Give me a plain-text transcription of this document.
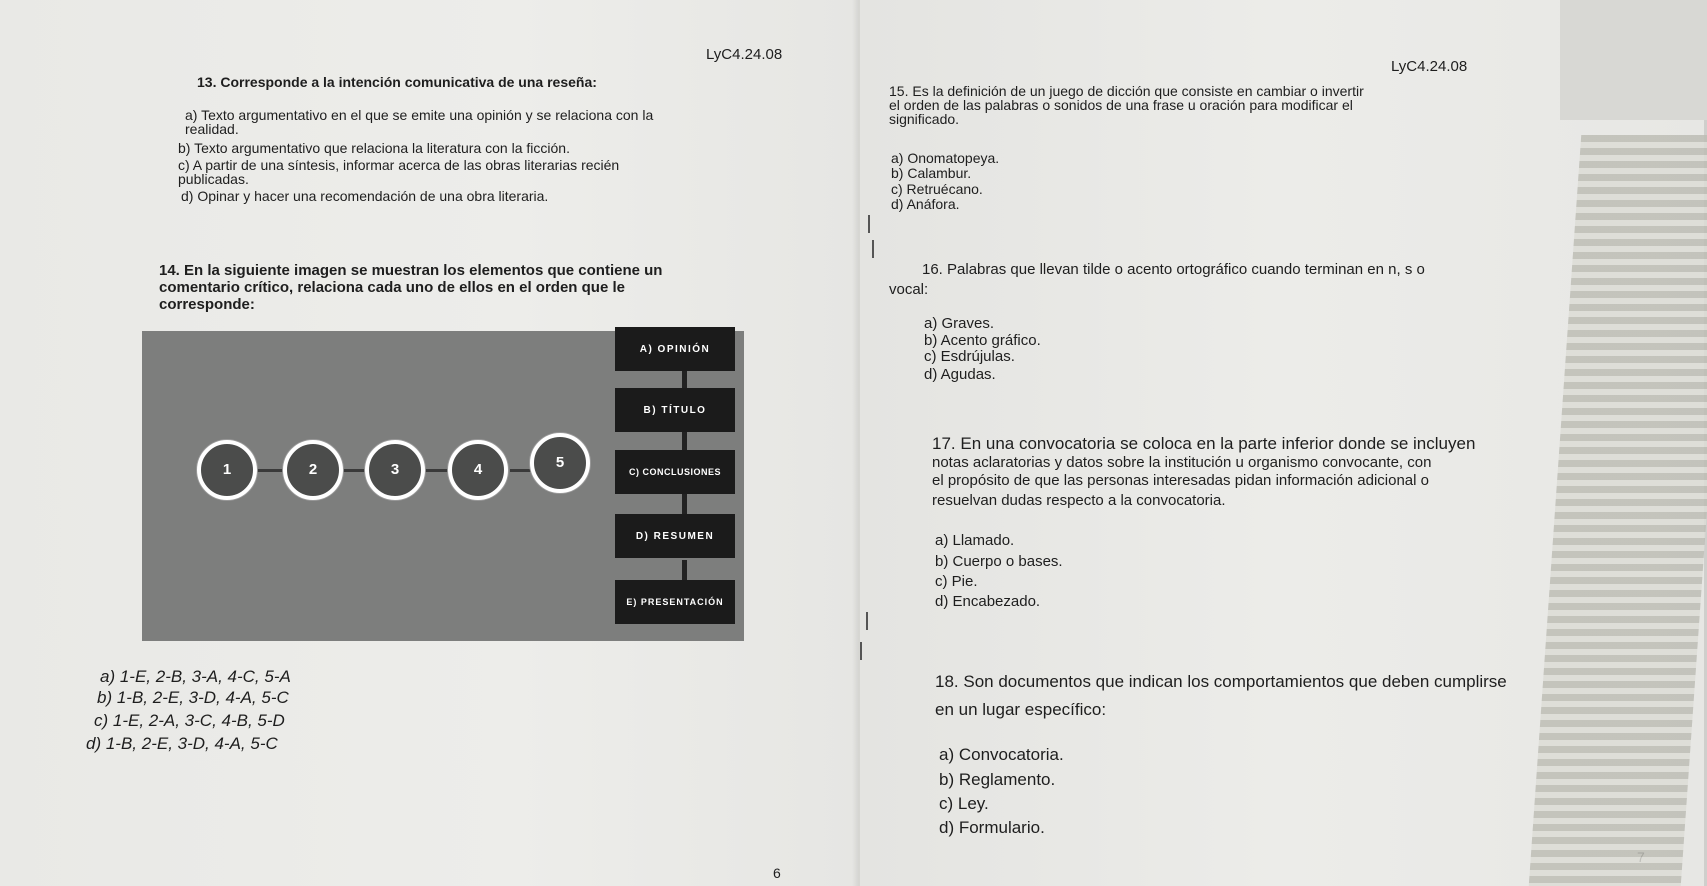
LyC4.24.08
13. Corresponde a la intención comunicativa de una reseña:
a) Texto argumentativo en el que se emite una opinión y se relaciona con la
realidad.
b) Texto argumentativo que relaciona la literatura con la ficción.
c) A partir de una síntesis, informar acerca de las obras literarias recién
publicadas.
d) Opinar y hacer una recomendación de una obra literaria.
14. En la siguiente imagen se muestran los elementos que contiene un
comentario crítico, relaciona cada uno de ellos en el orden que le
corresponde:
1	2	3	4	5
A) OPINIÓN
B) TÍTULO
C) CONCLUSIONES
D) RESUMEN
E) PRESENTACIÓN
a) 1-E, 2-B, 3-A, 4-C, 5-A
b) 1-B, 2-E, 3-D, 4-A, 5-C
c) 1-E, 2-A, 3-C, 4-B, 5-D
d) 1-B, 2-E, 3-D, 4-A, 5-C
6
LyC4.24.08
15. Es la definición de un juego de dicción que consiste en cambiar o invertir
el orden de las palabras o sonidos de una frase u oración para modificar el
significado.
a) Onomatopeya.
b) Calambur.
c) Retruécano.
d) Anáfora.
16. Palabras que llevan tilde o acento ortográfico cuando terminan en n, s o
vocal:
a) Graves.
b) Acento gráfico.
c) Esdrújulas.
d) Agudas.
17. En una convocatoria se coloca en la parte inferior donde se incluyen
notas aclaratorias y datos sobre la institución u organismo convocante, con
el propósito de que las personas interesadas pidan información adicional o
resuelvan dudas respecto a la convocatoria.
a) Llamado.
b) Cuerpo o bases.
c) Pie.
d) Encabezado.
18. Son documentos que indican los comportamientos que deben cumplirse
en un lugar específico:
a) Convocatoria.
b) Reglamento.
c) Ley.
d) Formulario.
